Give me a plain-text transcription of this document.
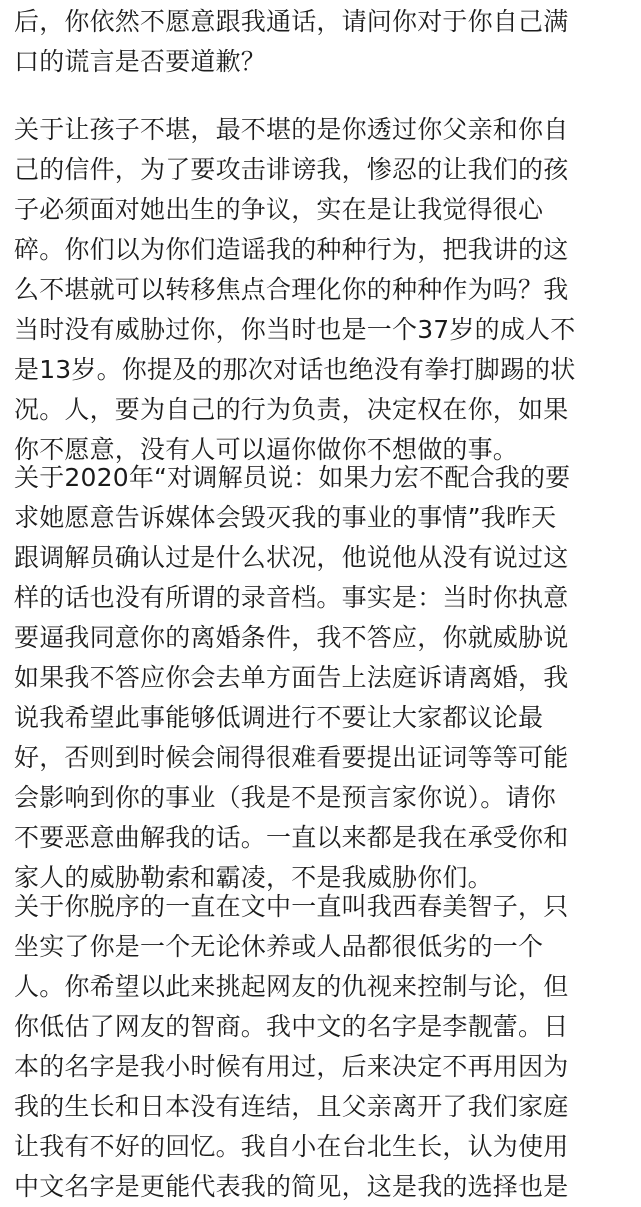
后，你依然不愿意跟我通话，请问你对于你自己满
口的谎言是否要道歉？
关于让孩子不堪，最不堪的是你透过你父亲和你自
己的信件，为了要攻击诽谤我，惨忍的让我们的孩
子必须面对她出生的争议，实在是让我觉得很心
碎。你们以为你们造谣我的种种行为，把我讲的这
么不堪就可以转移焦点合理化你的种种作为吗？我
当时没有威胁过你，你当时也是一个37岁的成人不
是13岁。你提及的那次对话也绝没有拳打脚踢的状
况。人，要为自己的行为负责，决定权在你，如果
你不愿意，没有人可以逼你做你不想做的事。
关于2020年“对调解员说：如果力宏不配合我的要
求她愿意告诉媒体会毁灭我的事业的事情”我昨天
跟调解员确认过是什么状况，他说他从没有说过这
样的话也没有所谓的录音档。事实是：当时你执意
要逼我同意你的离婚条件，我不答应，你就威胁说
如果我不答应你会去单方面告上法庭诉请离婚，我
说我希望此事能够低调进行不要让大家都议论最
好，否则到时候会闹得很难看要提出证词等等可能
会影响到你的事业（我是不是预言家你说）。请你
不要恶意曲解我的话。一直以来都是我在承受你和
家人的威胁勒索和霸凌，不是我威胁你们。
关于你脱序的一直在文中一直叫我西春美智子，只
坐实了你是一个无论休养或人品都很低劣的一个
人。你希望以此来挑起网友的仇视来控制与论，但
你低估了网友的智商。我中文的名字是李靓蕾。日
本的名字是我小时候有用过，后来决定不再用因为
我的生长和日本没有连结，且父亲离开了我们家庭
让我有不好的回忆。我自小在台北生长，认为使用
中文名字是更能代表我的简见，这是我的选择也是
